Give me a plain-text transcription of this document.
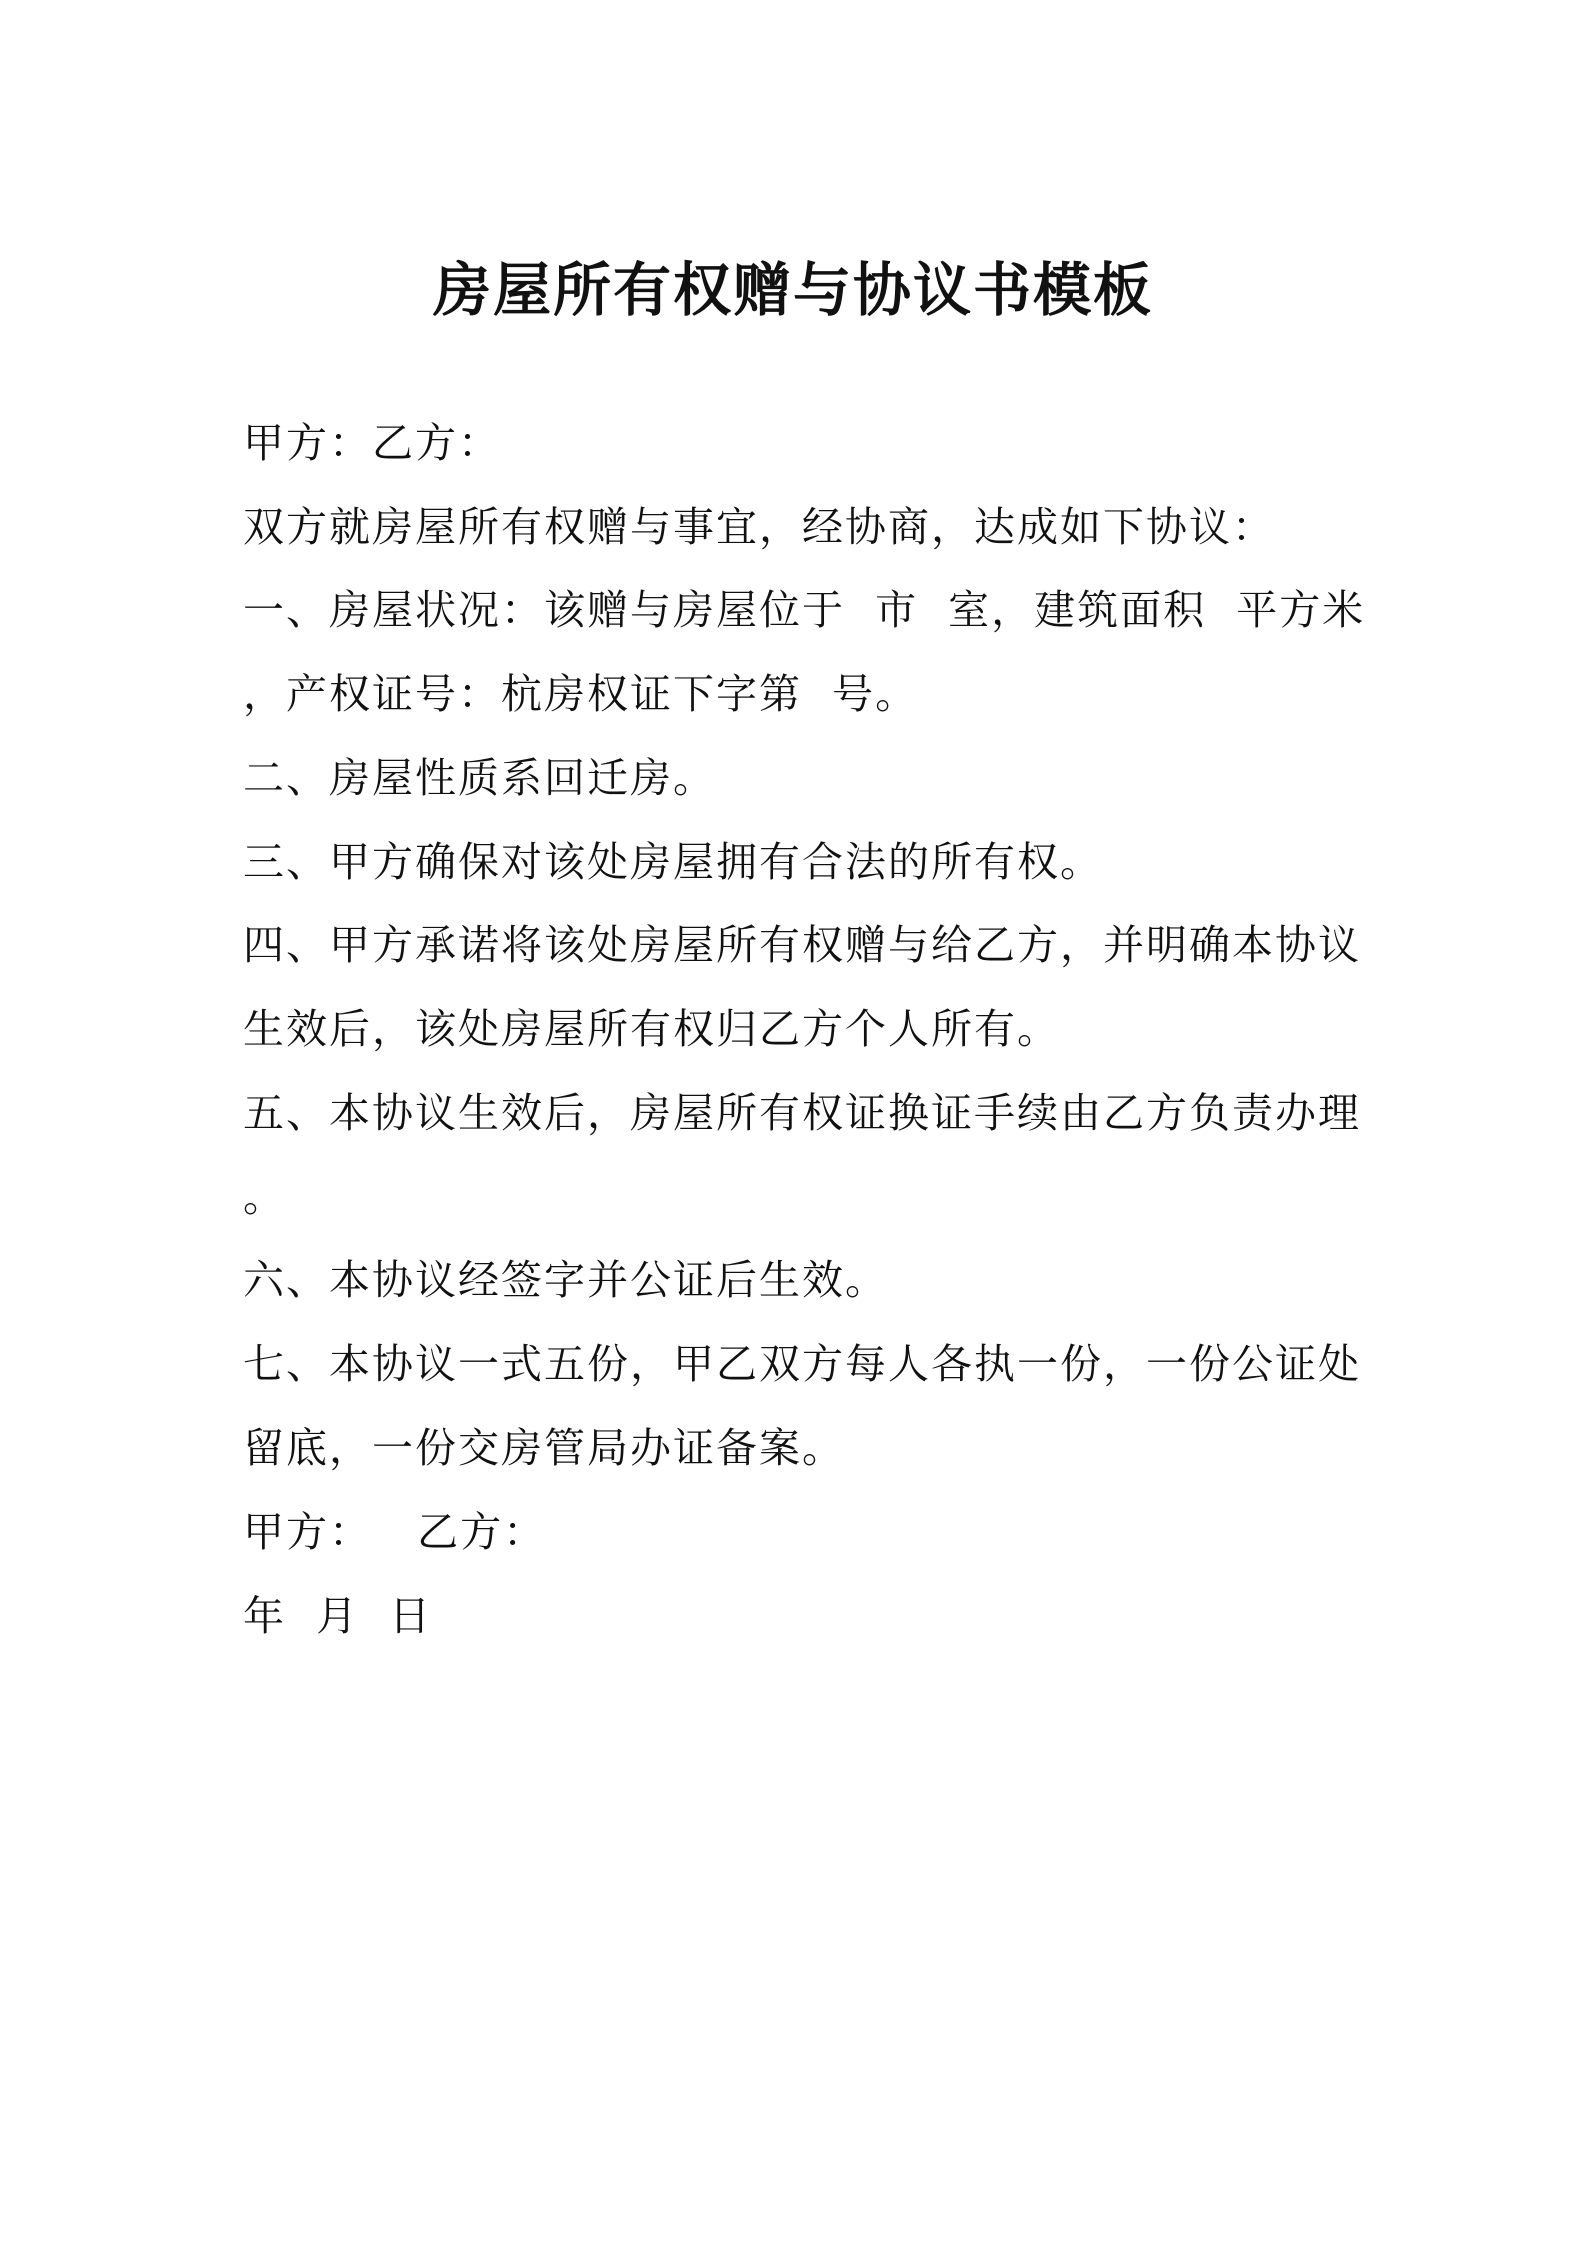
房屋所有权赠与协议书模板
甲方：乙方：
双方就房屋所有权赠与事宜，经协商，达成如下协议：
一、房屋状况：该赠与房屋位于  市  室，建筑面积  平方米
，产权证号：杭房权证下字第  号。
二、房屋性质系回迁房。
三、甲方确保对该处房屋拥有合法的所有权。
四、甲方承诺将该处房屋所有权赠与给乙方，并明确本协议
生效后，该处房屋所有权归乙方个人所有。
五、本协议生效后，房屋所有权证换证手续由乙方负责办理
。
六、本协议经签字并公证后生效。
七、本协议一式五份，甲乙双方每人各执一份，一份公证处
留底，一份交房管局办证备案。
甲方：   乙方：
年  月  日
